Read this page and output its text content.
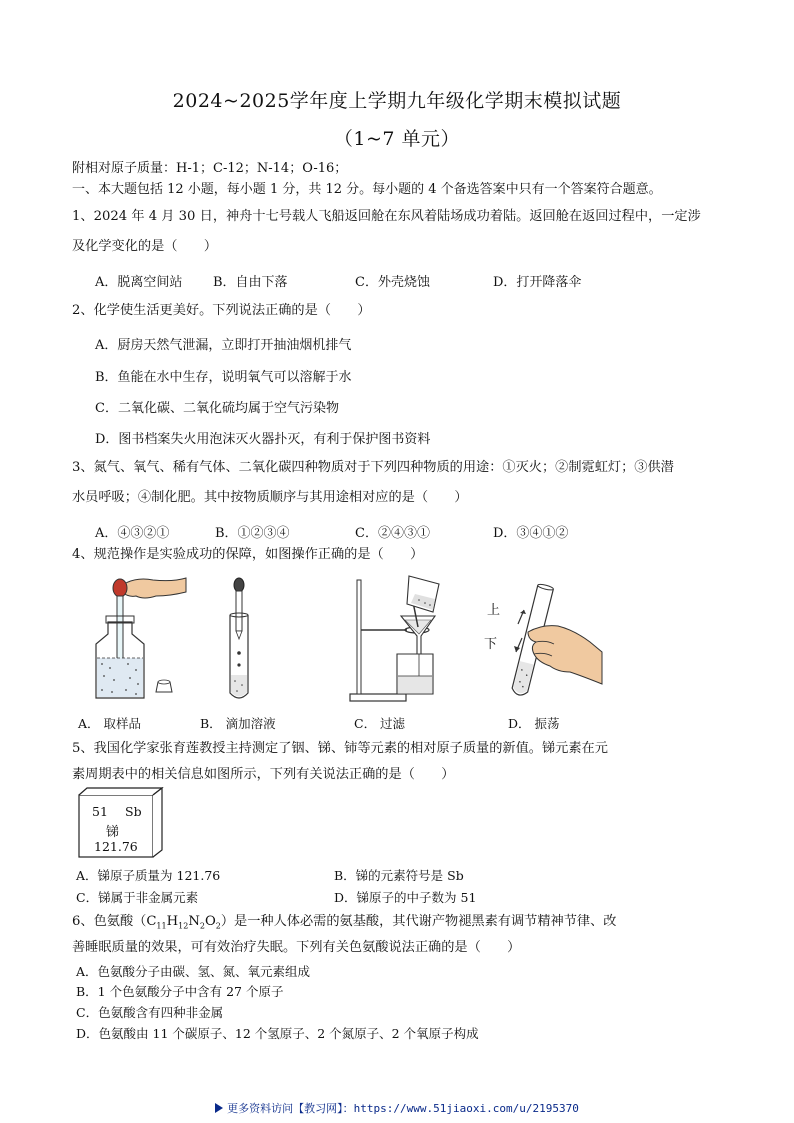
2024~2025学年度上学期九年级化学期末模拟试题
（1~7 单元）
附相对原子质量：H-1；C-12；N-14；O-16；
一、本大题包括 12 小题，每小题 1 分，共 12 分。每小题的 4 个备选答案中只有一个答案符合题意。
1、2024 年 4 月 30 日，神舟十七号载人飞船返回舱在东风着陆场成功着陆。返回舱在返回过程中，一定涉
及化学变化的是（　　）
A．脱离空间站 B．自由下落	C．外壳烧蚀	D．打开降落伞
2、化学使生活更美好。下列说法正确的是（　　）
A．厨房天然气泄漏，立即打开抽油烟机排气
B．鱼能在水中生存，说明氧气可以溶解于水
C．二氧化碳、二氧化硫均属于空气污染物
D．图书档案失火用泡沫灭火器扑灭，有利于保护图书资料
3、氮气、氧气、稀有气体、二氧化碳四种物质对于下列四种物质的用途：①灭火；②制霓虹灯；③供潜
水员呼吸；④制化肥。其中按物质顺序与其用途相对应的是（　　）
A．④③②①	B．①②③④	C．②④③①	D．③④①②
4、规范操作是实验成功的保障，如图操作正确的是（　　）
上
下
A． 取样品	B． 滴加溶液	C． 过滤	D． 振荡
5、我国化学家张育莲教授主持测定了铟、锑、铈等元素的相对原子质量的新值。锑元素在元
素周期表中的相关信息如图所示，下列有关说法正确的是（　　）
51 Sb
锑
121.76
A．锑原子质量为 121.76	B．锑的元素符号是 Sb
C．锑属于非金属元素	D．锑原子的中子数为 51
6、色氨酸$(C_{11}H_{12}N_2O_2)$是一种人体必需的氨基酸，其代谢产物褪黑素有调节精神节律、改
善睡眠质量的效果，可有效治疗失眠。下列有关色氨酸说法正确的是（　　）
A．色氨酸分子由碳、氢、氮、氧元素组成
B．1 个色氨酸分子中含有 27 个原子
C．色氨酸含有四种非金属
D．色氨酸由 11 个碳原子、12 个氢原子、2 个氮原子、2 个氧原子构成
更多资料访问【教习网】：https://www.51jiaoxi.com/u/2195370
